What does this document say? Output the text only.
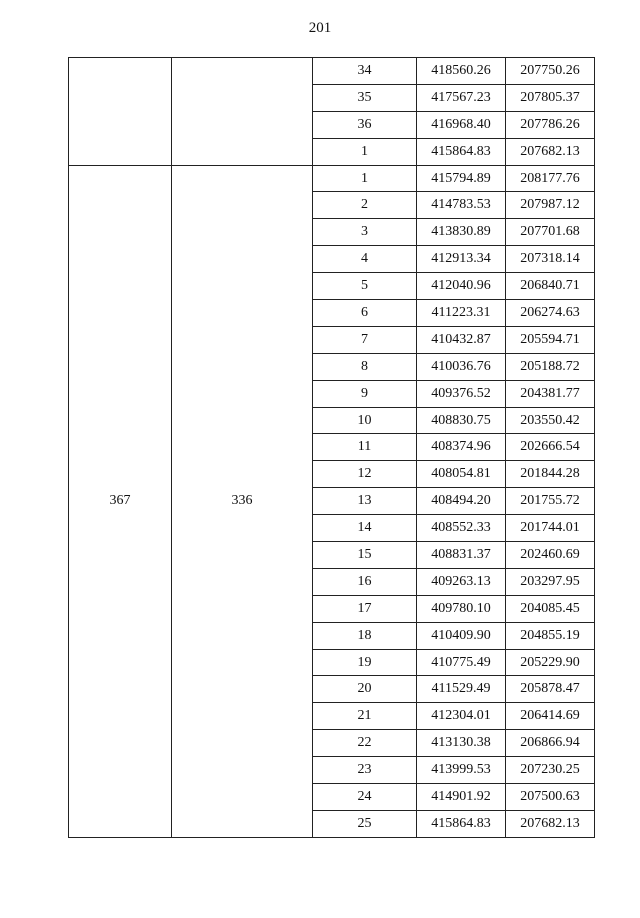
201
		34	418560.26	207750.26
		35	417567.23	207805.37
		36	416968.40	207786.26
		1	415864.83	207682.13
367	336	1	415794.89	208177.76
		2	414783.53	207987.12
		3	413830.89	207701.68
		4	412913.34	207318.14
		5	412040.96	206840.71
		6	411223.31	206274.63
		7	410432.87	205594.71
		8	410036.76	205188.72
		9	409376.52	204381.77
		10	408830.75	203550.42
		11	408374.96	202666.54
		12	408054.81	201844.28
		13	408494.20	201755.72
		14	408552.33	201744.01
		15	408831.37	202460.69
		16	409263.13	203297.95
		17	409780.10	204085.45
		18	410409.90	204855.19
		19	410775.49	205229.90
		20	411529.49	205878.47
		21	412304.01	206414.69
		22	413130.38	206866.94
		23	413999.53	207230.25
		24	414901.92	207500.63
		25	415864.83	207682.13
